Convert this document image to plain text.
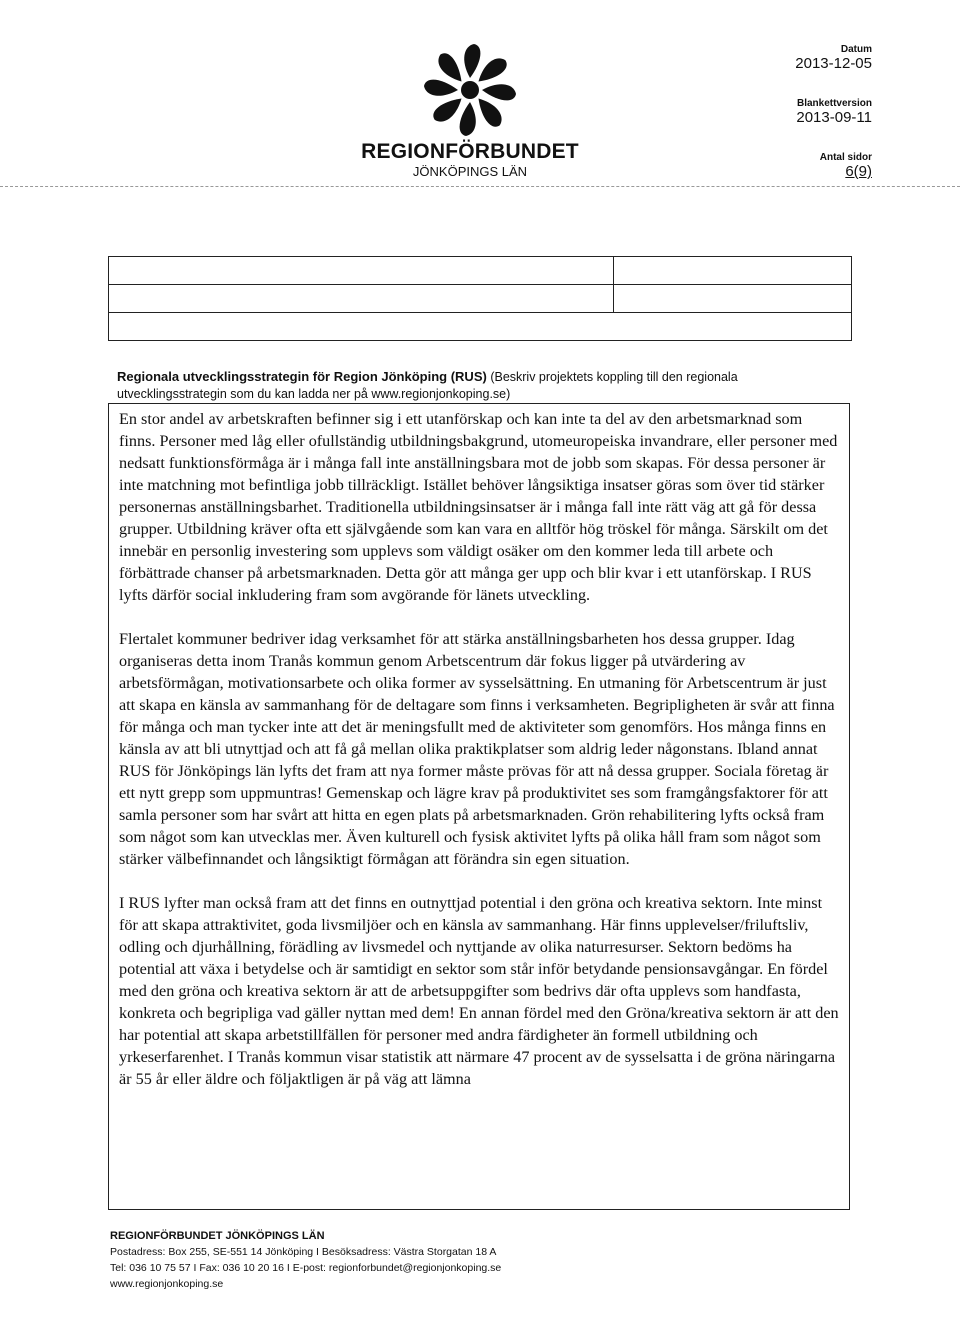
REGIONFÖRBUNDET
JÖNKÖPINGS LÄN
Datum
2013-12-05
Blankettversion
2013-09-11
Antal sidor
6(9)

Regionala utvecklingsstrategin för Region Jönköping (RUS) (Beskriv projektets koppling till den regionala utvecklingsstrategin som du kan ladda ner på www.regionjonkoping.se)

En stor andel av arbetskraften befinner sig i ett utanförskap och kan inte ta del av den arbetsmarknad som finns. Personer med låg eller ofullständig utbildningsbakgrund, utomeuropeiska invandrare, eller personer med nedsatt funktionsförmåga är i många fall inte anställningsbara mot de jobb som skapas. För dessa personer är inte matchning mot befintliga jobb tillräckligt. Istället behöver långsiktiga insatser göras som över tid stärker personernas anställningsbarhet. Traditionella utbildningsinsatser är i många fall inte rätt väg att gå för dessa grupper. Utbildning kräver ofta ett självgående som kan vara en alltför hög tröskel för många. Särskilt om det innebär en personlig investering som upplevs som väldigt osäker om den kommer leda till arbete och förbättrade chanser på arbetsmarknaden. Detta gör att många ger upp och blir kvar i ett utanförskap. I RUS lyfts därför social inkludering fram som avgörande för länets utveckling.

Flertalet kommuner bedriver idag verksamhet för att stärka anställningsbarheten hos dessa grupper. Idag organiseras detta inom Tranås kommun genom Arbetscentrum där fokus ligger på utvärdering av arbetsförmågan, motivationsarbete och olika former av sysselsättning. En utmaning för Arbetscentrum är just att skapa en känsla av sammanhang för de deltagare som finns i verksamheten. Begripligheten är svår att finna för många och man tycker inte att det är meningsfullt med de aktiviteter som genomförs. Hos många finns en känsla av att bli utnyttjad och att få gå mellan olika praktikplatser som aldrig leder någonstans. Ibland annat RUS för Jönköpings län lyfts det fram att nya former måste prövas för att nå dessa grupper. Sociala företag är ett nytt grepp som uppmuntras! Gemenskap och lägre krav på produktivitet ses som framgångsfaktorer för att samla personer som har svårt att hitta en egen plats på arbetsmarknaden. Grön rehabilitering lyfts också fram som något som kan utvecklas mer. Även kulturell och fysisk aktivitet lyfts på olika håll fram som något som stärker välbefinnandet och långsiktigt förmågan att förändra sin egen situation.

I RUS lyfter man också fram att det finns en outnyttjad potential i den gröna och kreativa sektorn. Inte minst för att skapa attraktivitet, goda livsmiljöer och en känsla av sammanhang. Här finns upplevelser/friluftsliv, odling och djurhållning, förädling av livsmedel och nyttjande av olika naturresurser. Sektorn bedöms ha potential att växa i betydelse och är samtidigt en sektor som står inför betydande pensionsavgångar. En fördel med den gröna och kreativa sektorn är att de arbetsuppgifter som bedrivs där ofta upplevs som handfasta, konkreta och begripliga vad gäller nyttan med dem! En annan fördel med den Gröna/kreativa sektorn är att den har potential att skapa arbetstillfällen för personer med andra färdigheter än formell utbildning och yrkeserfarenhet. I Tranås kommun visar statistik att närmare 47 procent av de sysselsatta i de gröna näringarna är 55 år eller äldre och följaktligen är på väg att lämna

REGIONFÖRBUNDET JÖNKÖPINGS LÄN
Postadress: Box 255, SE-551 14 Jönköping I Besöksadress: Västra Storgatan 18 A
Tel: 036 10 75 57 I Fax: 036 10 20 16 I E-post: regionforbundet@regionjonkoping.se
www.regionjonkoping.se
